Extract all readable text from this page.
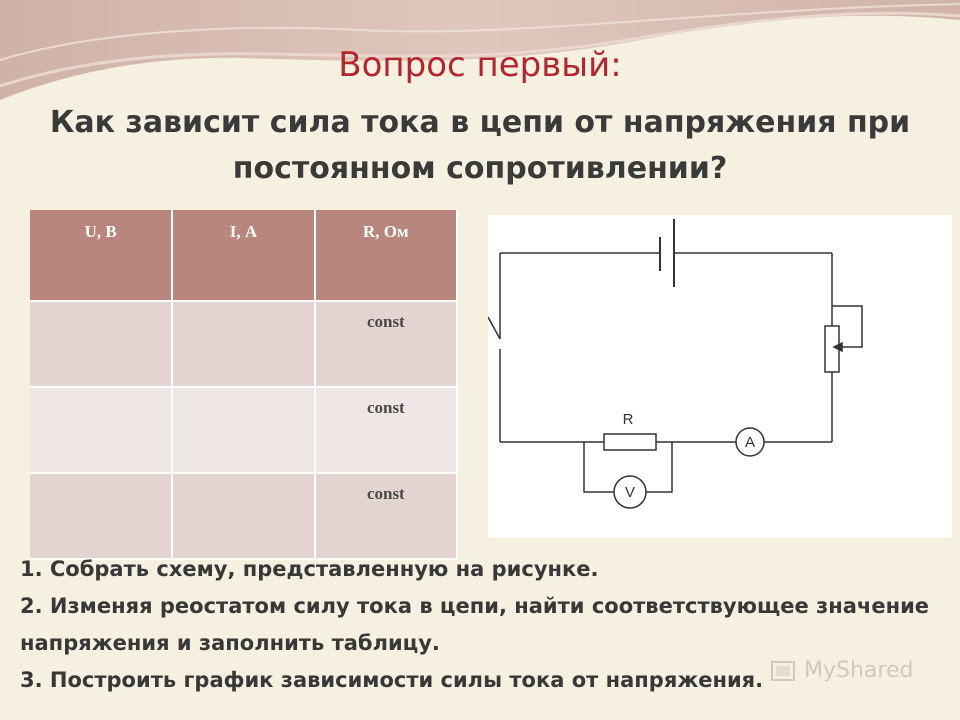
Вопрос первый:
Как зависит сила тока в цепи от напряжения при постоянном сопротивлении?
U, В	I, А	R, Ом
		const
		const
		const
R
A
V

1. Собрать схему, представленную на рисунке.

2. Изменяя реостатом силу тока в цепи, найти соответствующее значение напряжения и заполнить таблицу.

3. Построить график зависимости силы тока от напряжения.	MyShared
